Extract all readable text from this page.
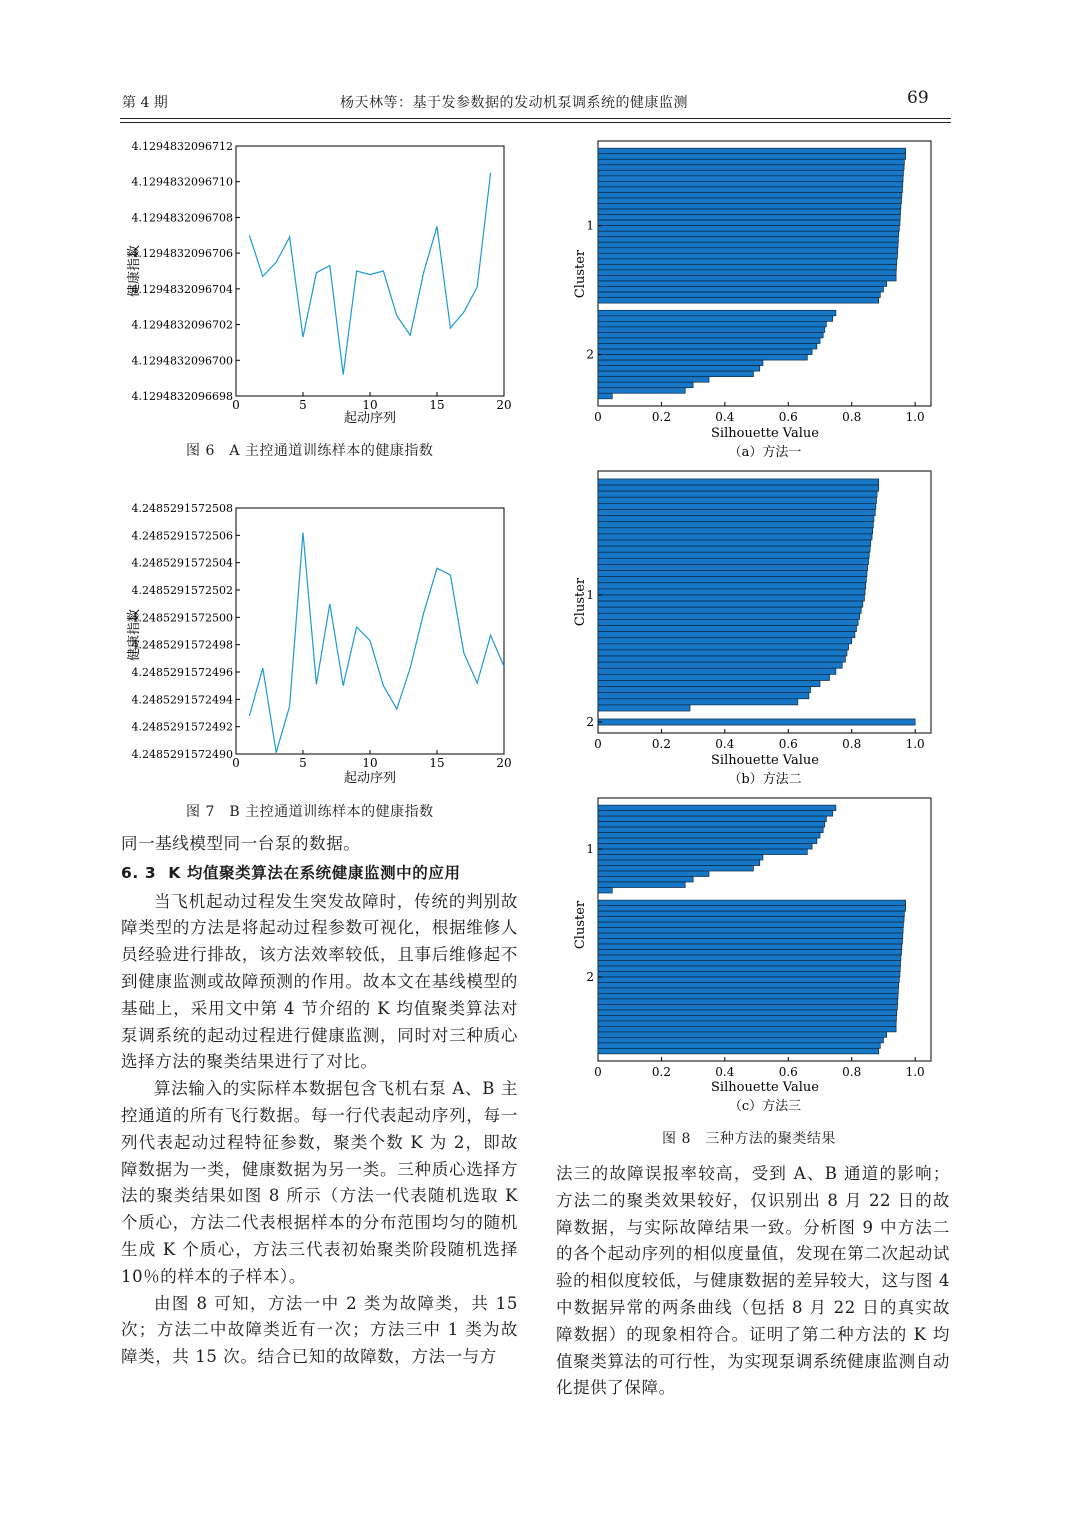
第 4 期	杨天林等：基于发参数据的发动机泵调系统的健康监测	69
4.1294832096698
4.1294832096700
4.1294832096702
4.1294832096704
4.1294832096706
4.1294832096708
4.1294832096710
4.1294832096712
0	5	10	15	20
健康指数
起动序列
图 6　A 主控通道训练样本的健康指数
4.2485291572490
4.2485291572492
4.2485291572494
4.2485291572496
4.2485291572498
4.2485291572500
4.2485291572502
4.2485291572504
4.2485291572506
4.2485291572508
0	5	10	15	20
健康指数
起动序列
图 7　B 主控通道训练样本的健康指数
1
2
0	0.2	0.4	0.6	0.8	1.0
Cluster
Silhouette Value
（a）方法一
1
2
0	0.2	0.4	0.6	0.8	1.0
Cluster
Silhouette Value
（b）方法二
1
2
0	0.2	0.4	0.6	0.8	1.0
Cluster
Silhouette Value
（c）方法三
图 8　三种方法的聚类结果

同一基线模型同一台泵的数据。

6. 3 K 均值聚类算法在系统健康监测中的应用

当飞机起动过程发生突发故障时，传统的判别故障类型的方法是将起动过程参数可视化，根据维修人员经验进行排故，该方法效率较低，且事后维修起不到健康监测或故障预测的作用。故本文在基线模型的基础上，采用文中第 4 节介绍的 K 均值聚类算法对泵调系统的起动过程进行健康监测，同时对三种质心选择方法的聚类结果进行了对比。

算法输入的实际样本数据包含飞机右泵 A、B 主控通道的所有飞行数据。每一行代表起动序列，每一列代表起动过程特征参数，聚类个数 K 为 2，即故障数据为一类，健康数据为另一类。三种质心选择方法的聚类结果如图 8 所示（方法一代表随机选取 K 个质心，方法二代表根据样本的分布范围均匀的随机生成 K 个质心，方法三代表初始聚类阶段随机选择 10％的样本的子样本）。

由图 8 可知，方法一中 2 类为故障类，共 15 次；方法二中故障类近有一次；方法三中 1 类为故障类，共 15 次。结合已知的故障数，方法一与方

法三的故障误报率较高，受到 A、B 通道的影响；方法二的聚类效果较好，仅识别出 8 月 22 日的故障数据，与实际故障结果一致。分析图 9 中方法二的各个起动序列的相似度量值，发现在第二次起动试验的相似度较低，与健康数据的差异较大，这与图 4 中数据异常的两条曲线（包括 8 月 22 日的真实故障数据）的现象相符合。证明了第二种方法的 K 均值聚类算法的可行性，为实现泵调系统健康监测自动化提供了保障。
